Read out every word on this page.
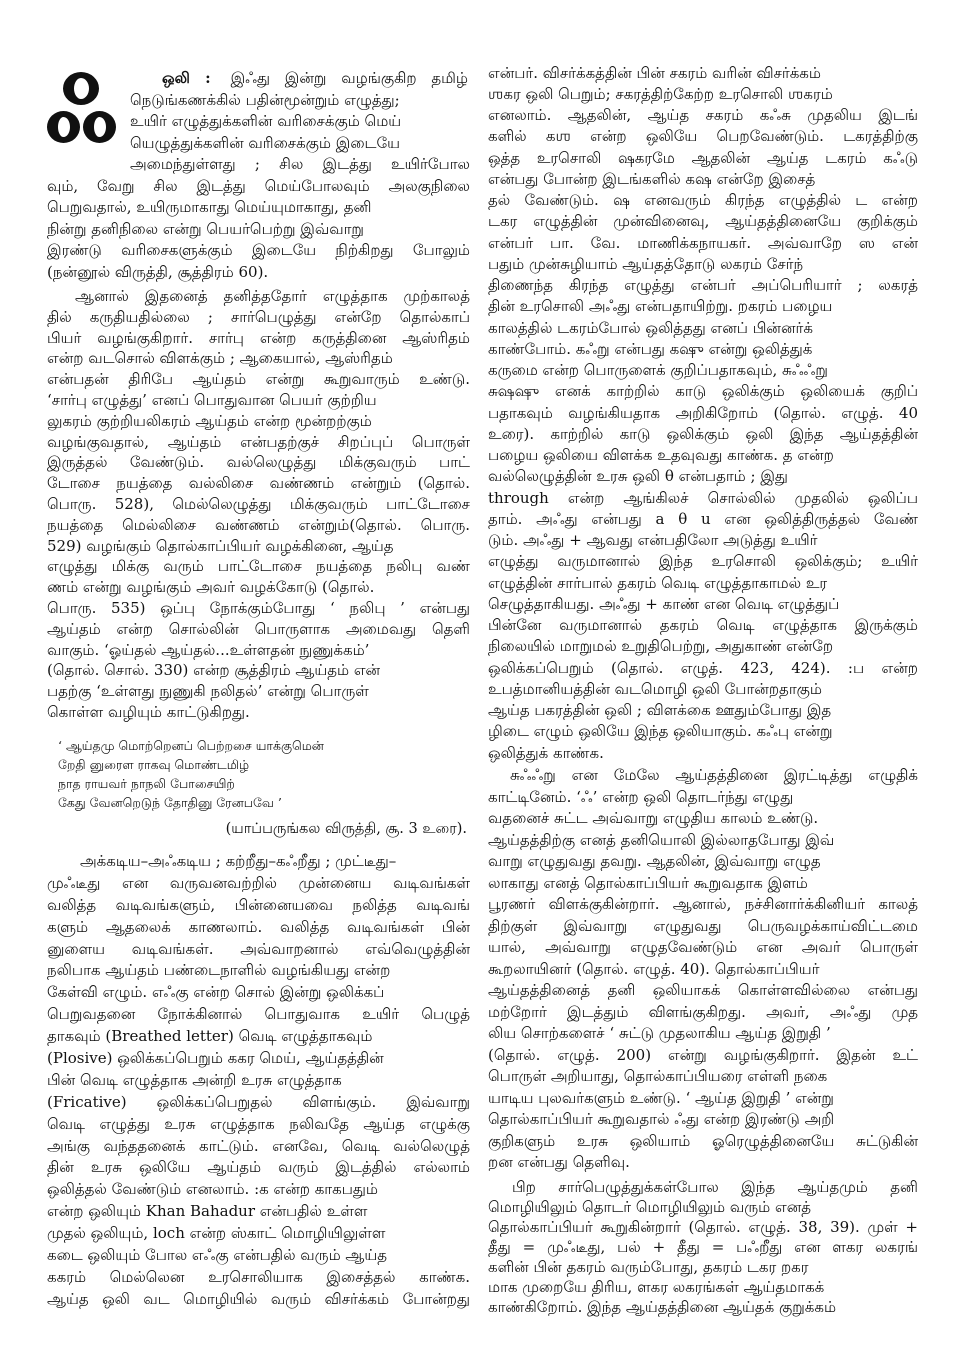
ஒலி : இஃது இன்று வழங்குகிற தமிழ்
நெடுங்கணக்கில் பதின்மூன்றும் எழுத்து;
உயிர் எழுத்துக்களின் வரிசைக்கும் மெய்
யெழுத்துக்களின் வரிசைக்கும் இடையே
அமைந்துள்ளது ; சில இடத்து உயிர்போல
வும், வேறு சில இடத்து மெய்போலவும் அலகுநிலை
பெறுவதால், உயிருமாகாது மெய்யுமாகாது, தனி
நின்று தனிநிலை என்று பெயர்பெற்று இவ்வாறு
இரண்டு வரிசைகளுக்கும் இடையே நிற்கிறது போலும்
(நன்னூல் விருத்தி, சூத்திரம் 60).
ஆனால் இதனைத் தனித்ததோர் எழுத்தாக முற்காலத்
தில் கருதியதில்லை ; சார்பெழுத்து என்றே தொல்காப்
பியர் வழங்குகிறார். சார்பு என்ற கருத்தினை ஆஸ்ரிதம்
என்ற வடசொல் விளக்கும் ; ஆகையால், ஆஸ்ரிதம்
என்பதன் திரிபே ஆய்தம் என்று கூறுவாரும் உண்டு.
‘சார்பு எழுத்து’ எனப் பொதுவான பெயர் குற்றிய
லுகரம் குற்றியலிகரம் ஆய்தம் என்ற மூன்றற்கும்
வழங்குவதால், ஆய்தம் என்பதற்குச் சிறப்புப் பொருள்
இருத்தல் வேண்டும். வல்லெழுத்து மிக்குவரும் பாட்
டோசை நயத்தை வல்லிசை வண்ணம் என்றும் (தொல்.
பொரு. 528), மெல்லெழுத்து மிக்குவரும் பாட்டோசை
நயத்தை மெல்லிசை வண்ணம் என்றும்(தொல். பொரு.
529) வழங்கும் தொல்காப்பியர் வழக்கினை, ஆய்த
எழுத்து மிக்கு வரும் பாட்டோசை நயத்தை நலிபு வண்
ணம் என்று வழங்கும் அவர் வழக்கோடு (தொல்.
பொரு. 535) ஒப்பு நோக்கும்போது ‘ நலிபு ’ என்பது
ஆய்தம் என்ற சொல்லின் பொருளாக அமைவது தெளி
வாகும். ‘ஓய்தல் ஆய்தல்...உள்ளதன் நுணுக்கம்’
(தொல். சொல். 330) என்ற சூத்திரம் ஆய்தம் என்
பதற்கு ‘உள்ளது நுணுகி நலிதல்’ என்று பொருள்
கொள்ள வழியும் காட்டுகிறது.
‘ ஆய்தமு மொற்றெனப் பெற்றசை யாக்குமென்
றேதி னுரைள ராகவு மொண்டமிழ்
நாத ராயவர் நாநலி போசையிற்
கேது வேனறெடுந் தோதினு ரேனபவே ’
(யாப்பருங்கல விருத்தி, சூ. 3 உரை).
அக்கடிய–அஃகடிய ; கற்றீது–கஃறீது ; முட்டீது–
முஃடீது என வருவனவற்றில் முன்னைய வடிவங்கள்
வலித்த வடிவங்களும், பின்னையவை நலித்த வடிவங்
களும் ஆதலைக் காணலாம். வலித்த வடிவங்கள் பின்
னுளைய வடிவங்கள். அவ்வாறனால் எவ்வெழுத்தின்
நலிபாக ஆய்தம் பண்டைநாளில் வழங்கியது என்ற
கேள்வி எழும். எஃகு என்ற சொல் இன்று ஒலிக்கப்
பெறுவதனை நோக்கினால் பொதுவாக உயிர் பெழுத்
தாகவும் (Breathed letter) வெடி எழுத்தாகவும்
(Plosive) ஒலிக்கப்பெறும் ககர மெய், ஆய்தத்தின்
பின் வெடி எழுத்தாக அன்றி உரசு எழுத்தாக
(Fricative) ஒலிக்கப்பெறுதல் விளங்கும். இவ்வாறு
வெடி எழுத்து உரசு எழுத்தாக நலிவதே ஆய்த எழுக்கு
அங்கு வந்ததனைக் காட்டும். எனவே, வெடி வல்லெழுத்
தின் உரசு ஒலியே ஆய்தம் வரும் இடத்தில் எல்லாம்
ஒலித்தல் வேண்டும் எனலாம். :க என்ற காகபதும்
என்ற ஒலியும் Khan Bahadur என்பதில் உள்ள
முதல் ஒலியும், loch என்ற ஸ்காட் மொழியிலுள்ள
கடை ஒலியும் போல எஃகு என்பதில் வரும் ஆய்த
ககரம் மெல்லென உரசொலியாக இசைத்தல் காண்க.
ஆய்த ஒலி வட மொழியில் வரும் விசர்க்கம் போன்றது
என்பர். விசர்க்கத்தின் பின் சகரம் வரின் விசர்க்கம்
ஶகர ஒலி பெறும்; சகரத்திற்கேற்ற உரசொலி ஶகரம்
எனலாம். ஆதலின், ஆய்த சகரம் கஃசு முதலிய இடங்
களில் கஶ என்ற ஒலியே பெறவேண்டும். டகரத்திற்கு
ஒத்த உரசொலி ஷகரமே ஆதலின் ஆய்த டகரம் கஃடு
என்பது போன்ற இடங்களில் கஷ என்றே இசைத்
தல் வேண்டும். ஷ எனவரும் கிரந்த எழுத்தில் ட என்ற
டகர எழுத்தின் முன்வினைவு, ஆய்தத்தினையே குறிக்கும்
என்பர் பா. வே. மாணிக்கநாயகர். அவ்வாறே ஸ என்
பதும் முன்சுழியாம் ஆய்தத்தோடு லகரம் சேர்ந்
திணைந்த கிரந்த எழுத்து என்பர் அப்பெரியார் ; லகரத்
தின் உரசொலி அஃது என்பதாயிற்று. றகரம் பழைய
காலத்தில் டகரம்போல் ஒலித்தது எனப் பின்னர்க்
காண்போம். கஃறு என்பது கஷு என்று ஒலித்துக்
கருமை என்ற பொருளைக் குறிப்பதாகவும், சுஃஃறு
சுஷஷு எனக் காற்றில் காடு ஒலிக்கும் ஒலியைக் குறிப்
பதாகவும் வழங்கியதாக அறிகிறோம் (தொல். எழுத். 40
உரை). காற்றில் காடு ஒலிக்கும் ஒலி இந்த ஆய்தத்தின்
பழைய ஒலியை விளக்க உதவுவது காண்க. த என்ற
வல்லெழுத்தின் உரசு ஒலி θ என்பதாம் ; இது
through என்ற ஆங்கிலச் சொல்லில் முதலில் ஒலிப்ப
தாம். அஃது என்பது a θ u என ஒலித்திருத்தல் வேண்
டும். அஃது + ஆவது என்பதிலோ அடுத்து உயிர்
எழுத்து வருமானால் இந்த உரசொலி ஒலிக்கும்; உயிர்
எழுத்தின் சார்பால் தகரம் வெடி எழுத்தாகாமல் உர
செழுத்தாகியது. அஃது + காண் என வெடி எழுத்துப்
பின்னே வருமானால் தகரம் வெடி எழுத்தாக இருக்கும்
நிலையில் மாறுமல் உறுதிபெற்று, அதுகாண் என்றே
ஒலிக்கப்பெறும் (தொல். எழுத். 423, 424). :ப என்ற
உபத்மானியத்தின் வடமொழி ஒலி போன்றதாகும்
ஆய்த பகரத்தின் ஒலி ; விளக்கை ஊதும்போது இத
ழிடை எழும் ஒலியே இந்த ஒலியாகும். கஃபு என்று
ஒலித்துக் காண்க.
சுஃஃறு என மேலே ஆய்தத்தினை இரட்டித்து எழுதிக்
காட்டினேம். ‘ஃ’ என்ற ஒலி தொடர்ந்து எழுது
வதனைச் சுட்ட அவ்வாறு எழுதிய காலம் உண்டு.
ஆய்தத்திற்கு எனத் தனியொலி இல்லாதபோது இவ்
வாறு எழுதுவது தவறு. ஆதலின், இவ்வாறு எழுத
லாகாது எனத் தொல்காப்பியர் கூறுவதாக இளம்
பூரணர் விளக்குகின்றார். ஆனால், நச்சினார்க்கினியர் காலத்
திற்குள் இவ்வாறு எழுதுவது பெருவழக்காய்விட்டமை
யால், அவ்வாறு எழுதவேண்டும் என அவர் பொருள்
கூறலாயினர் (தொல். எழுத். 40). தொல்காப்பியர்
ஆய்தத்தினைத் தனி ஒலியாகக் கொள்ளவில்லை என்பது
மற்றோர் இடத்தும் விளங்குகிறது. அவர், அஃது முத
லிய சொற்களைச் ‘ சுட்டு முதலாகிய ஆய்த இறுதி ’
(தொல். எழுத். 200) என்று வழங்குகிறார். இதன் உட்
பொருள் அறியாது, தொல்காப்பியரை எள்ளி நகை
யாடிய புலவர்களும் உண்டு. ‘ ஆய்த இறுதி ’ என்று
தொல்காப்பியர் கூறுவதால் ஃது என்ற இரண்டு அறி
குறிகளும் உரசு ஒலியாம் ஓரெழுத்தினையே சுட்டுகின்
றன என்பது தெளிவு.
பிற சார்பெழுத்துக்கள்போல இந்த ஆய்தமும் தனி
மொழியிலும் தொடர் மொழியிலும் வரும் எனத்
தொல்காப்பியர் கூறுகின்றார் (தொல். எழுத். 38, 39). முள் +
தீது = முஃடீது, பல் + தீது = பஃறீது என ளகர லகரங்
களின் பின் தகரம் வரும்போது, தகரம் டகர றகர
மாக முறையே திரிய, ளகர லகரங்கள் ஆய்தமாகக்
காண்கிறோம். இந்த ஆய்தத்தினை ஆய்தக் குறுக்கம்
